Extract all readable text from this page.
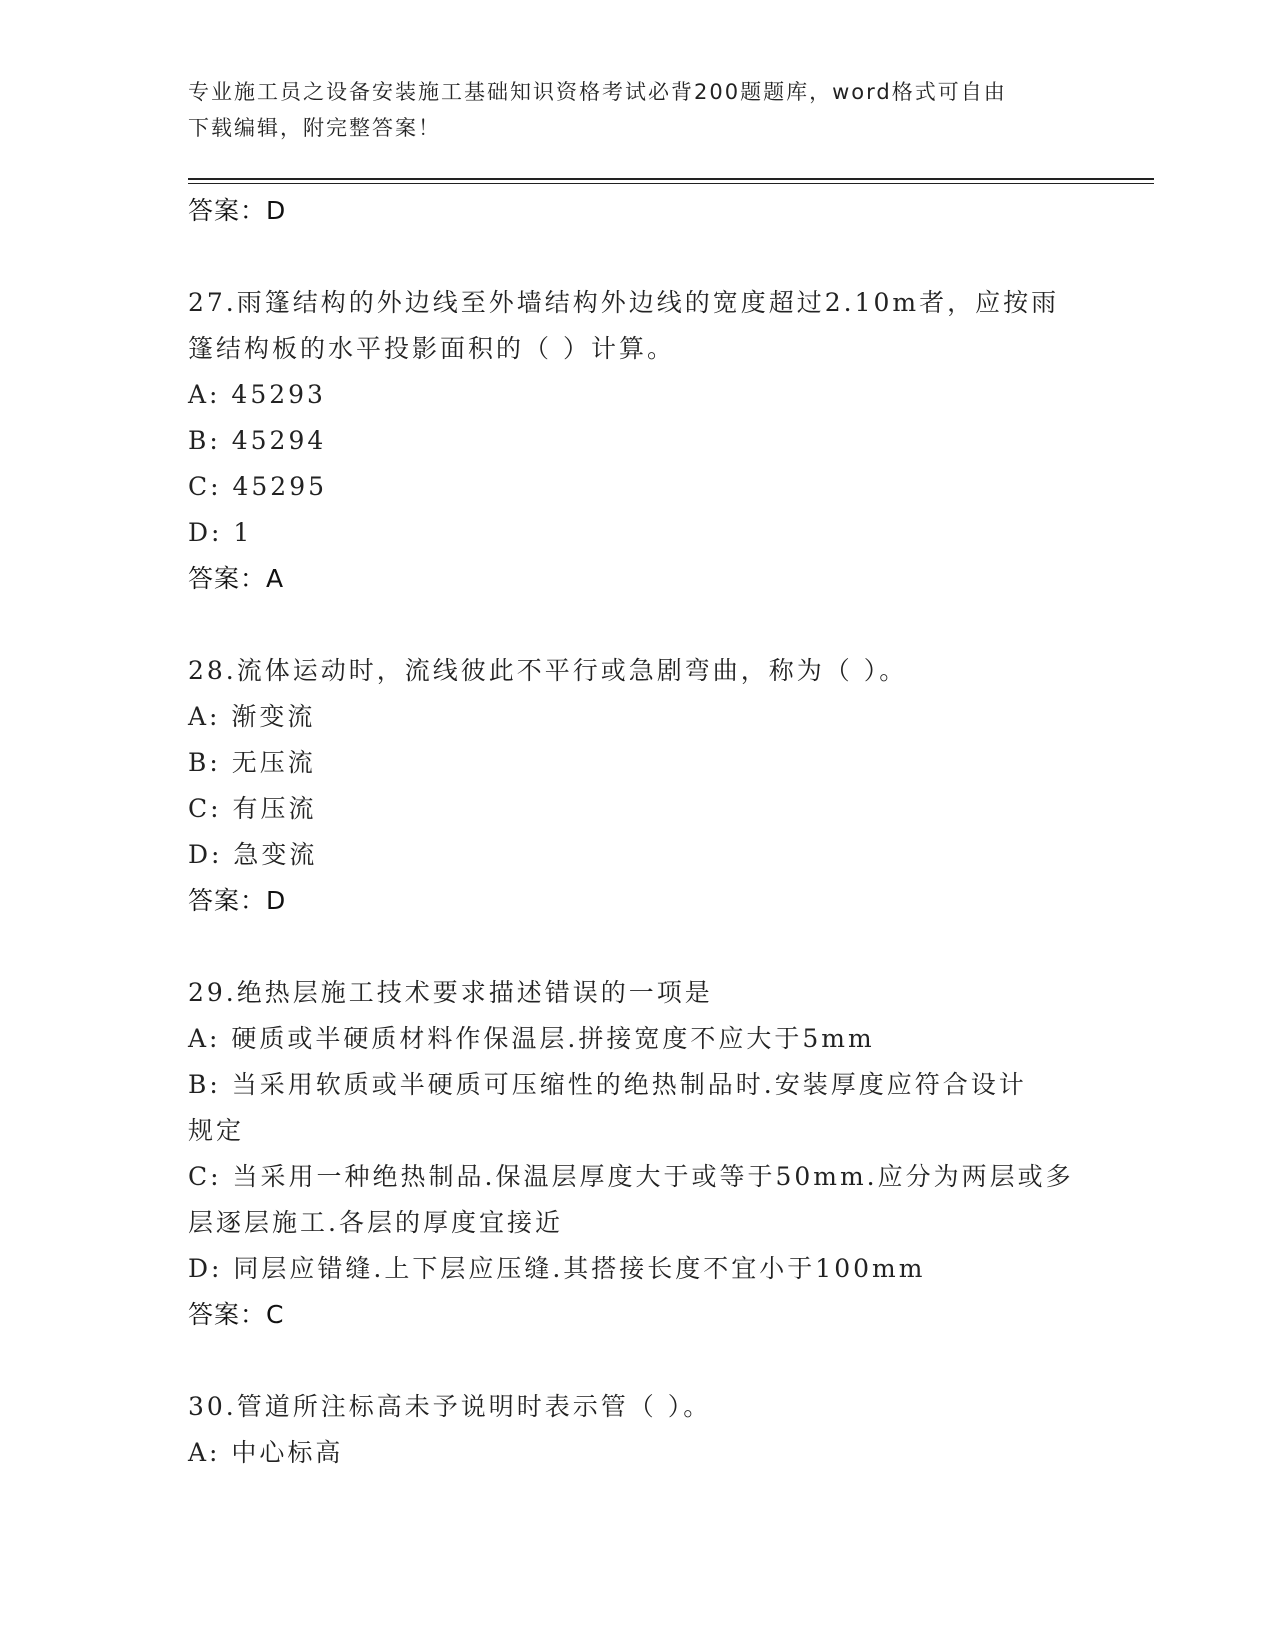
专业施工员之设备安装施工基础知识资格考试必背200题题库，word格式可自由
下载编辑，附完整答案！
答案：D
27.雨篷结构的外边线至外墙结构外边线的宽度超过2.10m者，应按雨
篷结构板的水平投影面积的（ ）计算。
A: 45293
B: 45294
C: 45295
D: 1
答案：A
28.流体运动时，流线彼此不平行或急剧弯曲，称为（ ）。
A: 渐变流
B: 无压流
C: 有压流
D: 急变流
答案：D
29.绝热层施工技术要求描述错误的一项是
A: 硬质或半硬质材料作保温层.拼接宽度不应大于5mm
B: 当采用软质或半硬质可压缩性的绝热制品时.安装厚度应符合设计
规定
C: 当采用一种绝热制品.保温层厚度大于或等于50mm.应分为两层或多
层逐层施工.各层的厚度宜接近
D: 同层应错缝.上下层应压缝.其搭接长度不宜小于100mm
答案：C
30.管道所注标高未予说明时表示管（ ）。
A: 中心标高
